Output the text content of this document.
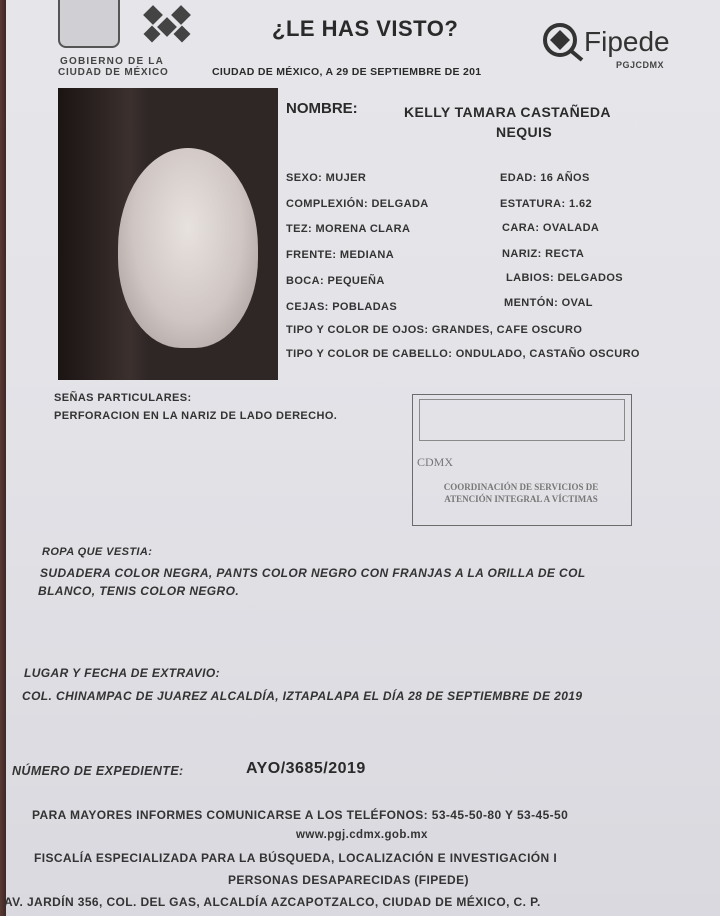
GOBIERNO DE LA
CIUDAD DE MÉXICO
¿LE HAS VISTO?
CIUDAD DE MÉXICO, A 29 DE SEPTIEMBRE DE 201
Fipede
PGJCDMX
NOMBRE:	KELLY TAMARA CASTAÑEDA
NEQUIS
SEXO: MUJER	EDAD: 16 AÑOS
COMPLEXIÓN: DELGADA	ESTATURA: 1.62
TEZ: MORENA CLARA	CARA: OVALADA
FRENTE: MEDIANA	NARIZ: RECTA
BOCA: PEQUEÑA	LABIOS: DELGADOS
CEJAS: POBLADAS	MENTÓN: OVAL
TIPO Y COLOR DE OJOS: GRANDES, CAFE OSCURO
TIPO Y COLOR DE CABELLO: ONDULADO, CASTAÑO OSCURO
SEÑAS PARTICULARES:
PERFORACION EN LA NARIZ DE LADO DERECHO.
CDMX
COORDINACIÓN DE SERVICIOS DE ATENCIÓN INTEGRAL A VÍCTIMAS
ROPA QUE VESTIA:
SUDADERA COLOR NEGRA, PANTS COLOR NEGRO CON FRANJAS A LA ORILLA DE COL
BLANCO, TENIS COLOR NEGRO.
LUGAR Y FECHA DE EXTRAVIO:
COL. CHINAMPAC DE JUAREZ ALCALDÍA, IZTAPALAPA EL DÍA 28 DE SEPTIEMBRE DE 2019
NÚMERO DE EXPEDIENTE:	AYO/3685/2019
PARA MAYORES INFORMES COMUNICARSE A LOS TELÉFONOS: 53-45-50-80 Y 53-45-50
www.pgj.cdmx.gob.mx
FISCALÍA ESPECIALIZADA PARA LA BÚSQUEDA, LOCALIZACIÓN E INVESTIGACIÓN I
PERSONAS DESAPARECIDAS (FIPEDE)
AV. JARDÍN 356, COL. DEL GAS, ALCALDÍA AZCAPOTZALCO, CIUDAD DE MÉXICO, C. P.
